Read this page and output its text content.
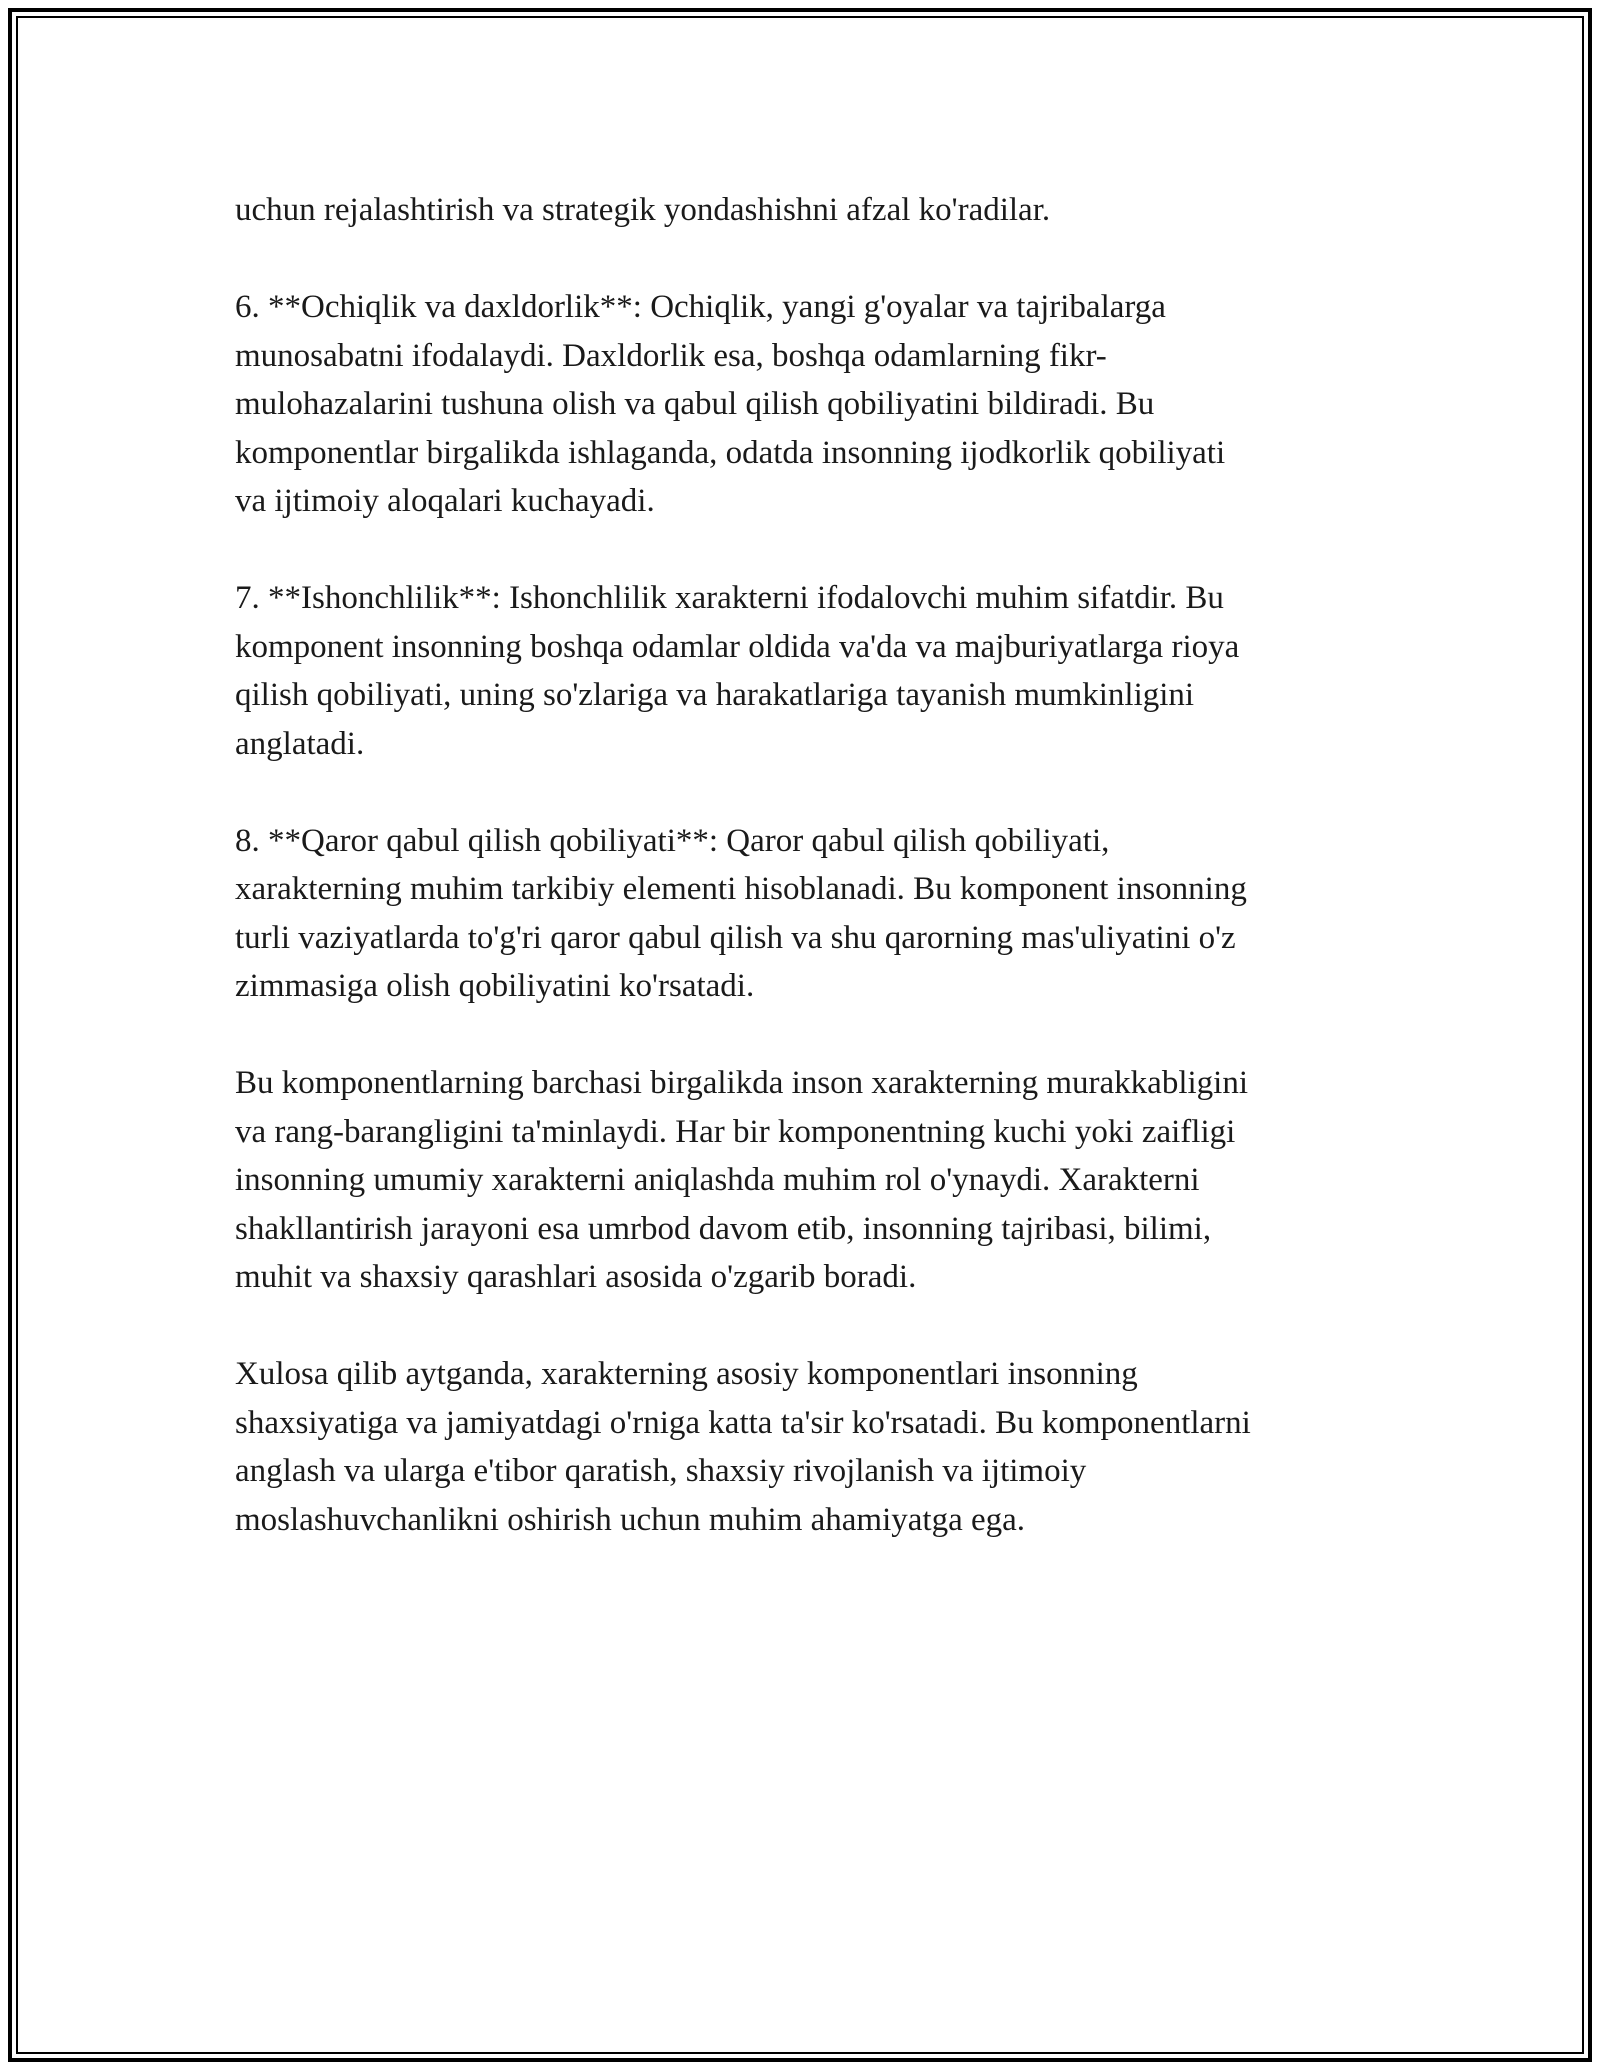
uchun rejalashtirish va strategik yondashishni afzal ko'radilar.

6. **Ochiqlik va daxldorlik**: Ochiqlik, yangi g'oyalar va tajribalarga
munosabatni ifodalaydi. Daxldorlik esa, boshqa odamlarning fikr-
mulohazalarini tushuna olish va qabul qilish qobiliyatini bildiradi. Bu
komponentlar birgalikda ishlaganda, odatda insonning ijodkorlik qobiliyati
va ijtimoiy aloqalari kuchayadi.

7. **Ishonchlilik**: Ishonchlilik xarakterni ifodalovchi muhim sifatdir. Bu
komponent insonning boshqa odamlar oldida va'da va majburiyatlarga rioya
qilish qobiliyati, uning so'zlariga va harakatlariga tayanish mumkinligini
anglatadi.

8. **Qaror qabul qilish qobiliyati**: Qaror qabul qilish qobiliyati,
xarakterning muhim tarkibiy elementi hisoblanadi. Bu komponent insonning
turli vaziyatlarda to'g'ri qaror qabul qilish va shu qarorning mas'uliyatini o'z
zimmasiga olish qobiliyatini ko'rsatadi.

Bu komponentlarning barchasi birgalikda inson xarakterning murakkabligini
va rang-barangligini ta'minlaydi. Har bir komponentning kuchi yoki zaifligi
insonning umumiy xarakterni aniqlashda muhim rol o'ynaydi. Xarakterni
shakllantirish jarayoni esa umrbod davom etib, insonning tajribasi, bilimi,
muhit va shaxsiy qarashlari asosida o'zgarib boradi.

Xulosa qilib aytganda, xarakterning asosiy komponentlari insonning
shaxsiyatiga va jamiyatdagi o'rniga katta ta'sir ko'rsatadi. Bu komponentlarni
anglash va ularga e'tibor qaratish, shaxsiy rivojlanish va ijtimoiy
moslashuvchanlikni oshirish uchun muhim ahamiyatga ega.
